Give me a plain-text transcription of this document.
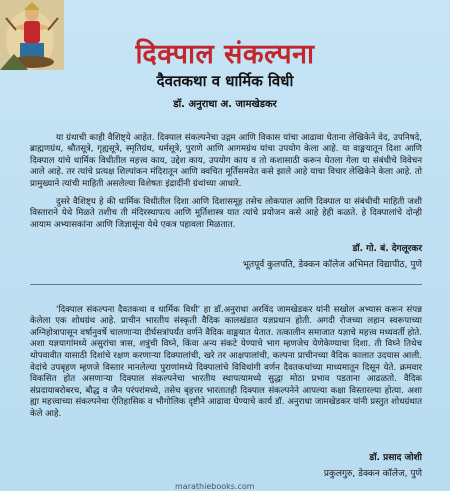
दिक्पाल संकल्पना
दैवतकथा व धार्मिक विधी
डॉ. अनुराधा अ. जामखेडकर

या ग्रंथाची काही वैशिष्ट्ये आहेत. दिक्पाल संकल्पनेचा उद्गम आणि विकास यांचा आढावा घेताना लेखिकेने वेद, उपनिषदे, ब्राह्मणग्रंथ, श्रौतसूत्रे, गृह्यसूत्रे, स्मृतिग्रंथ, धर्मसूत्रे, पुराणे आणि आगमग्रंथ यांचा उपयोग केला आहे. या वाङ्मयातून दिशा आणि दिक्पाल यांचे धार्मिक विधीतील महत्त्व काय, उद्देश काय, उपयोग काय व तो कशासाठी करून घेतला गेला या संबंधीचे विवेचन आले आहे. तर त्यांचे प्रत्यक्ष शिल्पांकन मंदिरातून आणि क्वचित मूर्तिसमवेत कसे झाले आहे याचा विचार लेखिकेने केला आहे. तो प्रामुख्याने त्यांची माहिती असलेल्या विशेषतः इंद्रादींनी ग्रंथांच्या आधारे.

दुसरे वैशिष्ट्य हे की धार्मिक विधीतील दिशा आणि दिशासमूह तसेच लोकपाल आणि दिक्पाल या संबंधीची माहिती जशी विस्ताराने येथे मिळते तशीच ती मंदिरस्थापत्य आणि मूर्तिशास्त्र यात त्यांचे प्रयोजन कसे आहे हेही कळते. हे दिक्पालांचे दोन्ही आयाम अभ्यासकांना आणि जिज्ञासूंना येथे एकत्र पहावला मिळतात.

डॉ. गो. बं. देगलूरकर
भूतपूर्व कुलपति, डेक्कन कॉलेज अभिमत विद्यापीठ, पुणे

'दिक्पाल संकल्पना दैवतकथा व धार्मिक विधी' हा डॉ.अनुराधा अरविंद जामखेडकर यांनी सखोल अभ्यास करून संपन्न केलेला एक शोधग्रंथ आहे. प्राचीन भारतीय संस्कृती वैदिक कालखंडात यज्ञप्रधान होती. अगदी रोजच्या लहान स्वरूपाच्या अग्निहोत्रापासून वर्षानुवर्षे चालणाऱ्या दीर्घसत्रांपर्यंत वर्णने वैदिक वाङ्मयात येतात. तत्कालीन समाजात यज्ञाचे महत्त्व मध्यवर्ती होते. अशा यज्ञयागांमध्ये असुरांचा त्रास, शत्रुंची विघ्ने, किंवा अन्य संकटे येण्याचे भाग म्हणजेच येणेकेण्याचा दिशा. ती विघ्ने तिथेच थोपवावीत यासाठी दिशांचे रक्षण करणाऱ्या दिक्पालांची, खरे तर आक्षपालांची, कल्पना प्राचीनच्या वैदिक कालात उदयास आली. वेदांचे उपबृहण म्हणजे विस्तार मानलेल्या पुराणांमध्ये दिक्पालांचे विविधांगी वर्णन दैवतकथांच्या माध्यमातून दिसून येते. क्रमवार विकसित होत असणाऱ्या दिक्पाल संकल्पनेचा भारतीय स्थापत्यामध्ये सुद्धा मोठा प्रभाव पडताना आढळतो. वैदिक संप्रदायाबरोबरच, बौद्ध व जैन परंपरांमध्ये, तसेच बृहत्तर भारतातही दिक्पाल संकल्पनेने आपल्या कक्षा विस्तारल्या होत्या. अशा ह्या महत्त्वाच्या संकल्पनेचा ऐतिहासिक व भौगोलिक दृष्टीने आढावा घेण्याचे कार्य डॉ. अनुराधा जामखेडकर यांनी प्रस्तुत शोधग्रंथात केले आहे.

डॉ. प्रसाद जोशी
प्रकुलगुरु, डेक्कन कॉलेज, पुणे
marathiebooks.com
